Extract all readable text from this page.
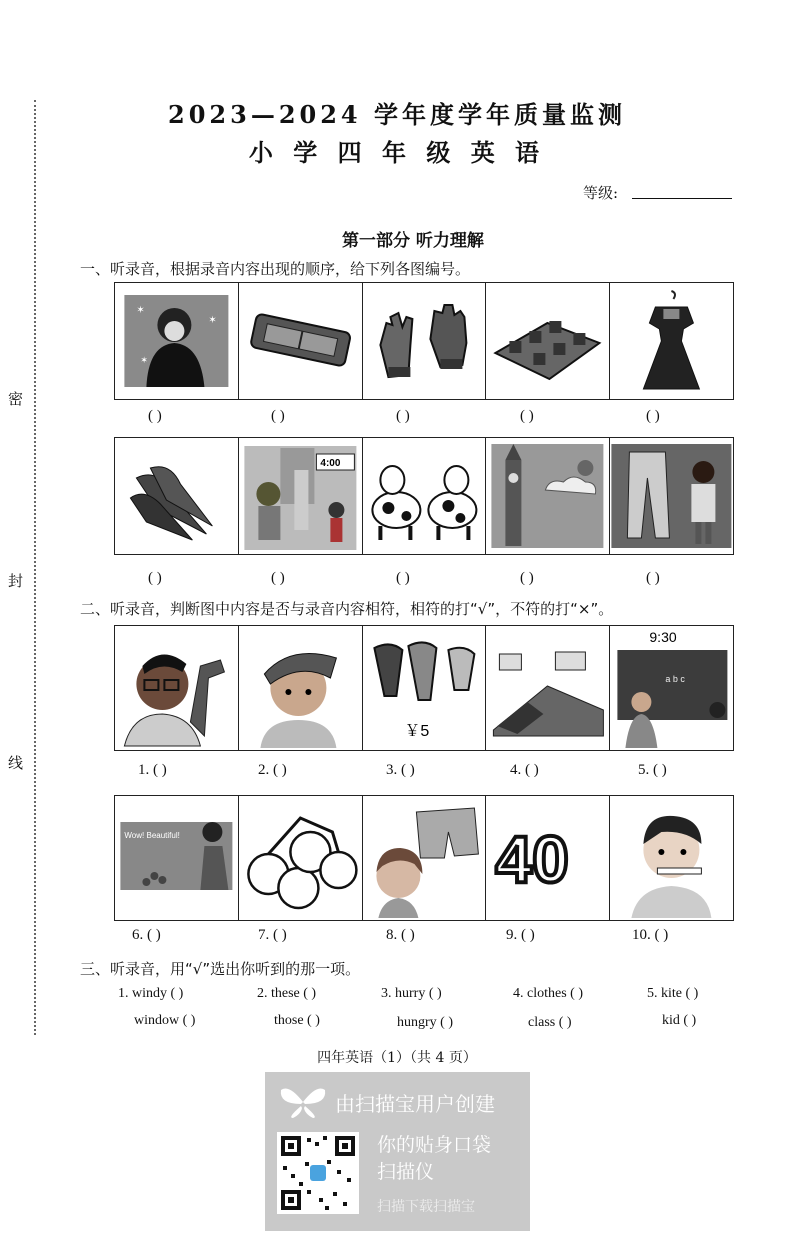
密
封
线
2023—2024 学年度学年质量监测
小 学 四 年 级 英 语
等级:
第一部分 听力理解
一、听录音，根据录音内容出现的顺序，给下列各图编号。
✶
✶
✶
( )	( )	( )	( )	( )
4:00
( )	( )	( )	( )	( )
二、听录音，判断图中内容是否与录音内容相符，相符的打“√”，不符的打“×”。
￥5
9:30
a b c
1. ( )	2. ( )	3. ( )	4. ( )	5. ( )
Wow! Beautiful!	40
6. ( )	7. ( )	8. ( )	9. ( )	10. ( )
三、听录音，用“√”选出你听到的那一项。
1. windy ( )
window ( )
2. these ( )
those ( )
3. hurry ( )
hungry ( )
4. clothes ( )
class ( )
5. kite ( )
kid ( )
四年英语（1）（共 4 页）
由扫描宝用户创建
你的贴身口袋
扫描仪
扫描下载扫描宝
